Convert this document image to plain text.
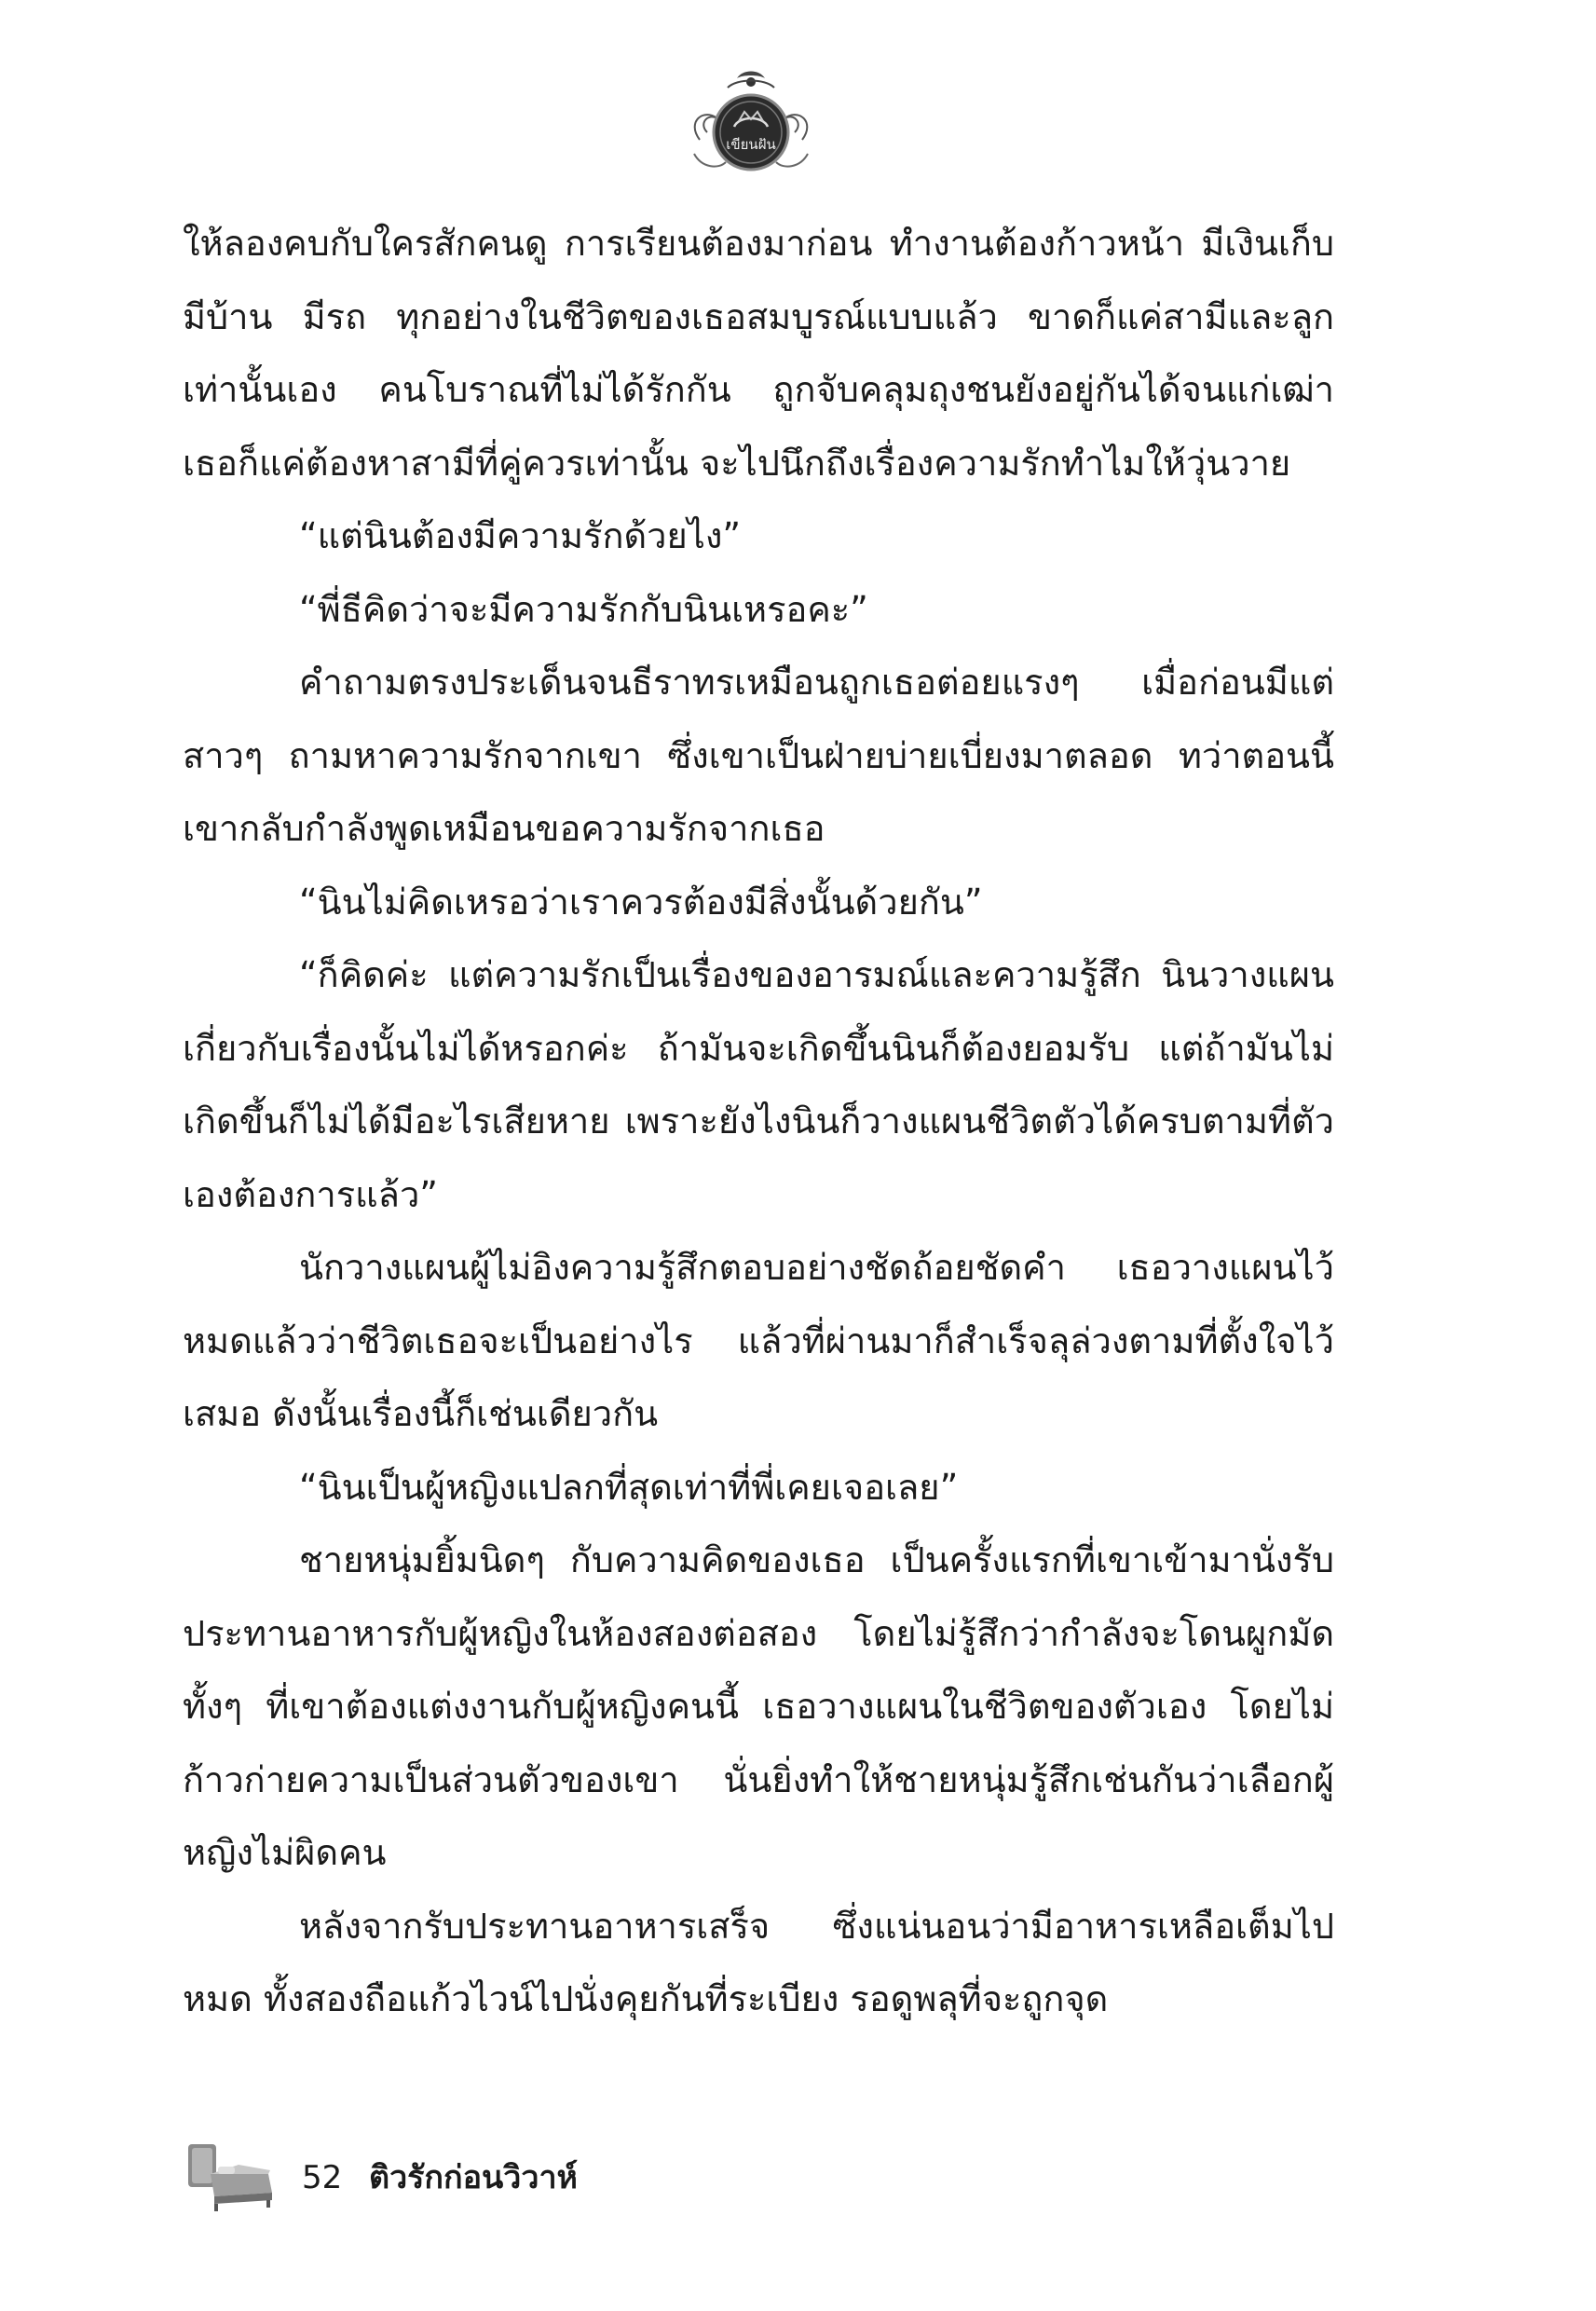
เขียนฝัน

ให้ลองคบกับใครสักคนดู การเรียนต้องมาก่อน ทำงานต้องก้าวหน้า มีเงินเก็บ มีบ้าน มีรถ ทุกอย่างในชีวิตของเธอสมบูรณ์แบบแล้ว ขาดก็แค่สามีและลูกเท่านั้นเอง คนโบราณที่ไม่ได้รักกัน ถูกจับคลุมถุงชนยังอยู่กันได้จนแก่เฒ่า เธอก็แค่ต้องหาสามีที่คู่ควรเท่านั้น จะไปนึกถึงเรื่องความรักทำไมให้วุ่นวาย

“แต่นินต้องมีความรักด้วยไง”

“พี่ธีคิดว่าจะมีความรักกับนินเหรอคะ”

คำถามตรงประเด็นจนธีราทรเหมือนถูกเธอต่อยแรงๆ เมื่อก่อนมีแต่สาวๆ ถามหาความรักจากเขา ซึ่งเขาเป็นฝ่ายบ่ายเบี่ยงมาตลอด ทว่าตอนนี้เขากลับกำลังพูดเหมือนขอความรักจากเธอ

“นินไม่คิดเหรอว่าเราควรต้องมีสิ่งนั้นด้วยกัน”

“ก็คิดค่ะ แต่ความรักเป็นเรื่องของอารมณ์และความรู้สึก นินวางแผนเกี่ยวกับเรื่องนั้นไม่ได้หรอกค่ะ ถ้ามันจะเกิดขึ้นนินก็ต้องยอมรับ แต่ถ้ามันไม่เกิดขึ้นก็ไม่ได้มีอะไรเสียหาย เพราะยังไงนินก็วางแผนชีวิตตัวได้ครบตามที่ตัวเองต้องการแล้ว”

นักวางแผนผู้ไม่อิงความรู้สึกตอบอย่างชัดถ้อยชัดคำ เธอวางแผนไว้หมดแล้วว่าชีวิตเธอจะเป็นอย่างไร แล้วที่ผ่านมาก็สำเร็จลุล่วงตามที่ตั้งใจไว้เสมอ ดังนั้นเรื่องนี้ก็เช่นเดียวกัน

“นินเป็นผู้หญิงแปลกที่สุดเท่าที่พี่เคยเจอเลย”

ชายหนุ่มยิ้มนิดๆ กับความคิดของเธอ เป็นครั้งแรกที่เขาเข้ามานั่งรับประทานอาหารกับผู้หญิงในห้องสองต่อสอง โดยไม่รู้สึกว่ากำลังจะโดนผูกมัด ทั้งๆ ที่เขาต้องแต่งงานกับผู้หญิงคนนี้ เธอวางแผนในชีวิตของตัวเอง โดยไม่ก้าวก่ายความเป็นส่วนตัวของเขา นั่นยิ่งทำให้ชายหนุ่มรู้สึกเช่นกันว่าเลือกผู้หญิงไม่ผิดคน

หลังจากรับประทานอาหารเสร็จ ซึ่งแน่นอนว่ามีอาหารเหลือเต็มไปหมด ทั้งสองถือแก้วไวน์ไปนั่งคุยกันที่ระเบียง รอดูพลุที่จะถูกจุด

52 ติวรักก่อนวิวาห์
